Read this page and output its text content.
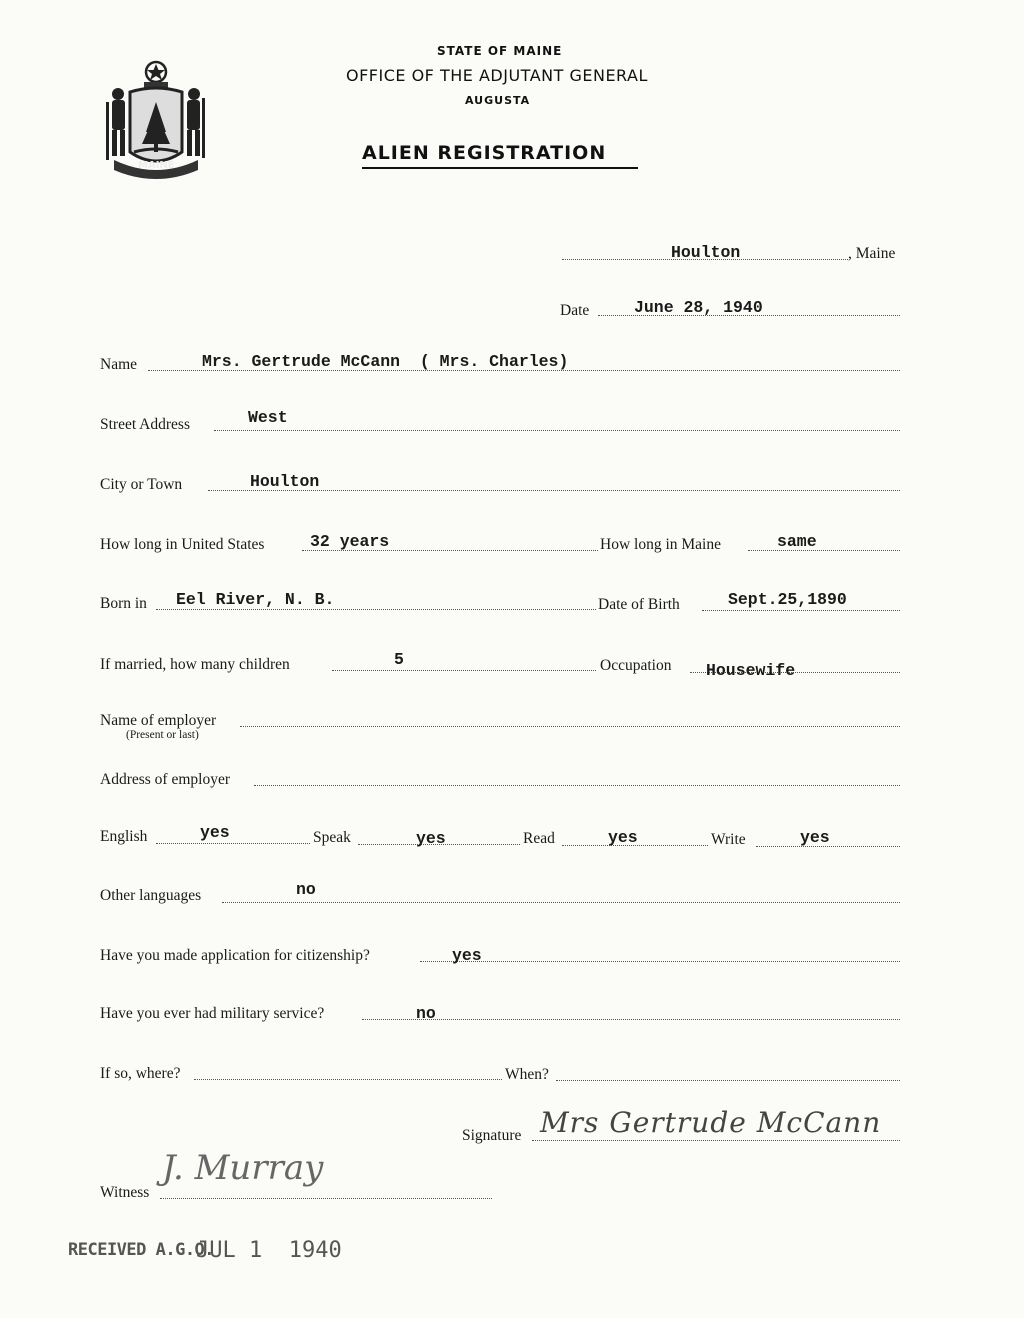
MAINE
STATE OF MAINE
OFFICE OF THE ADJUTANT GENERAL
AUGUSTA
ALIEN REGISTRATION
Houlton	, Maine
Date	June 28, 1940
Name	Mrs. Gertrude McCann  ( Mrs. Charles)
Street Address	West
City or Town	Houlton
How long in United States	32 years	How long in Maine	same
Born in Eel River, N. B.	Date of Birth	Sept.25,1890
If married, how many children	5	Occupation Housewife
Name of employer
(Present or last)
Address of employer
English	yes	Speak	yes	Read	yes	Write	yes
Other languages	no
Have you made application for citizenship?	yes
Have you ever had military service?	no
If so, where?	When?
Signature Mrs Gertrude McCann
Witness
J. Murray
RECEIVED A.G.O.
JUL 1  1940
